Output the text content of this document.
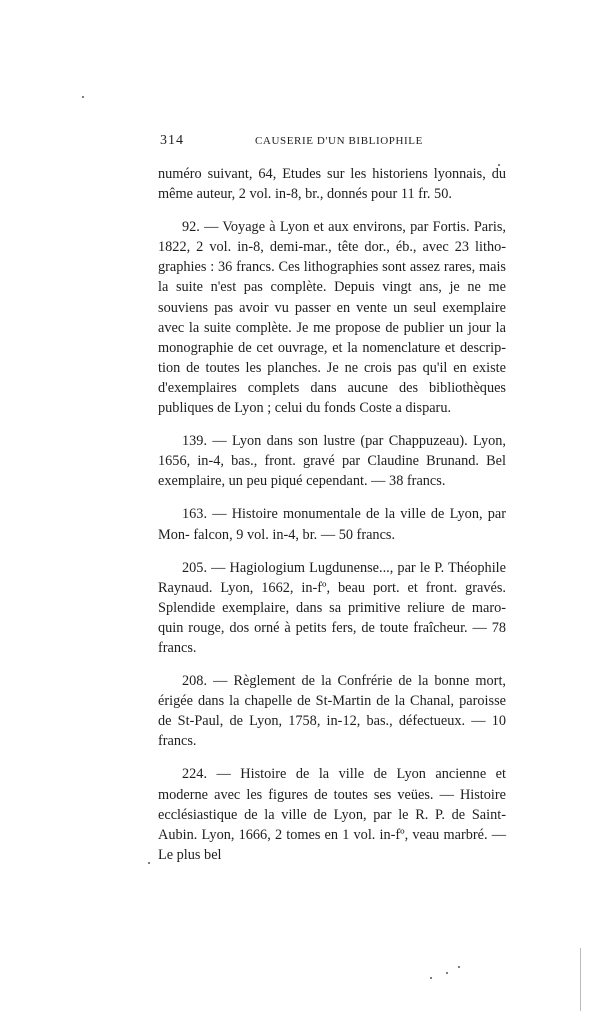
314	CAUSERIE D'UN BIBLIOPHILE

numéro suivant, 64, Etudes sur les historiens lyonnais, du même auteur, 2 vol. in-8, br., donnés pour 11 fr. 50.

92. — Voyage à Lyon et aux environs, par Fortis. Paris, 1822, 2 vol. in-8, demi-mar., tête dor., éb., avec 23 litho- graphies : 36 francs. Ces lithographies sont assez rares, mais la suite n'est pas complète. Depuis vingt ans, je ne me souviens pas avoir vu passer en vente un seul exemplaire avec la suite complète. Je me propose de publier un jour la monographie de cet ouvrage, et la nomenclature et descrip- tion de toutes les planches. Je ne crois pas qu'il en existe d'exemplaires complets dans aucune des bibliothèques publiques de Lyon ; celui du fonds Coste a disparu.

139. — Lyon dans son lustre (par Chappuzeau). Lyon, 1656, in-4, bas., front. gravé par Claudine Brunand. Bel exemplaire, un peu piqué cependant. — 38 francs.

163. — Histoire monumentale de la ville de Lyon, par Mon- falcon, 9 vol. in-4, br. — 50 francs.

205. — Hagiologium Lugdunense..., par le P. Théophile Raynaud. Lyon, 1662, in-fº, beau port. et front. gravés. Splendide exemplaire, dans sa primitive reliure de maro- quin rouge, dos orné à petits fers, de toute fraîcheur. — 78 francs.

208. — Règlement de la Confrérie de la bonne mort, érigée dans la chapelle de St-Martin de la Chanal, paroisse de St-Paul, de Lyon, 1758, in-12, bas., défectueux. — 10 francs.

224. — Histoire de la ville de Lyon ancienne et moderne avec les figures de toutes ses veües. — Histoire ecclésiastique de la ville de Lyon, par le R. P. de Saint-Aubin. Lyon, 1666, 2 tomes en 1 vol. in-fº, veau marbré. — Le plus bel
